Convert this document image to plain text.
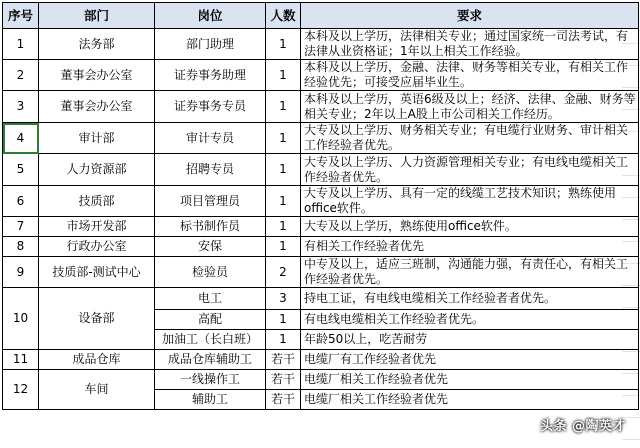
序号	部门	岗位	人数	要求
1	法务部	部门助理	1	本科及以上学历，法律相关专业；通过国家统一司法考试，有法律从业资格证；1年以上相关工作经验。
2	董事会办公室	证券事务助理	1	本科及以上学历，金融、法律、财务等相关专业，有相关工作经验优先；可接受应届毕业生。
3	董事会办公室	证券事务专员	1	本科及以上学历，英语6级及以上；经济、法律、金融、财务等相关专业；2年以上A股上市公司相关工作经历。
4	审计部	审计专员	1	大专及以上学历、财务相关专业；有电缆行业财务、审计相关工作经验者优先。
5	人力资源部	招聘专员	1	大专及以上学历、人力资源管理相关专业；有电线电缆相关工作经验者优先。
6	技质部	项目管理员	1	大专及以上学历、具有一定的线缆工艺技术知识；熟练使用office软件。
7	市场开发部	标书制作员	1	大专及以上学历，熟练使用office软件。
8	行政办公室	安保	1	有相关工作经验者优先
9	技质部-测试中心	检验员	2	中专及以上，适应三班制，沟通能力强，有责任心，有相关工作经验者优先。
10	设备部	电工	3	持电工证，有电线电缆相关工作经验者者优先。
		高配	1	有电线电缆相关工作经验者优先。
		加油工（长白班）	1	年龄50以上，吃苦耐劳
11	成品仓库	成品仓库辅助工	若干	电缆厂有工作经验者优先
12	车间	一线操作工	若干	电缆厂相关工作经验者优先
		辅助工	若干	电缆厂相关工作经验者优先
头条 @陶英才
